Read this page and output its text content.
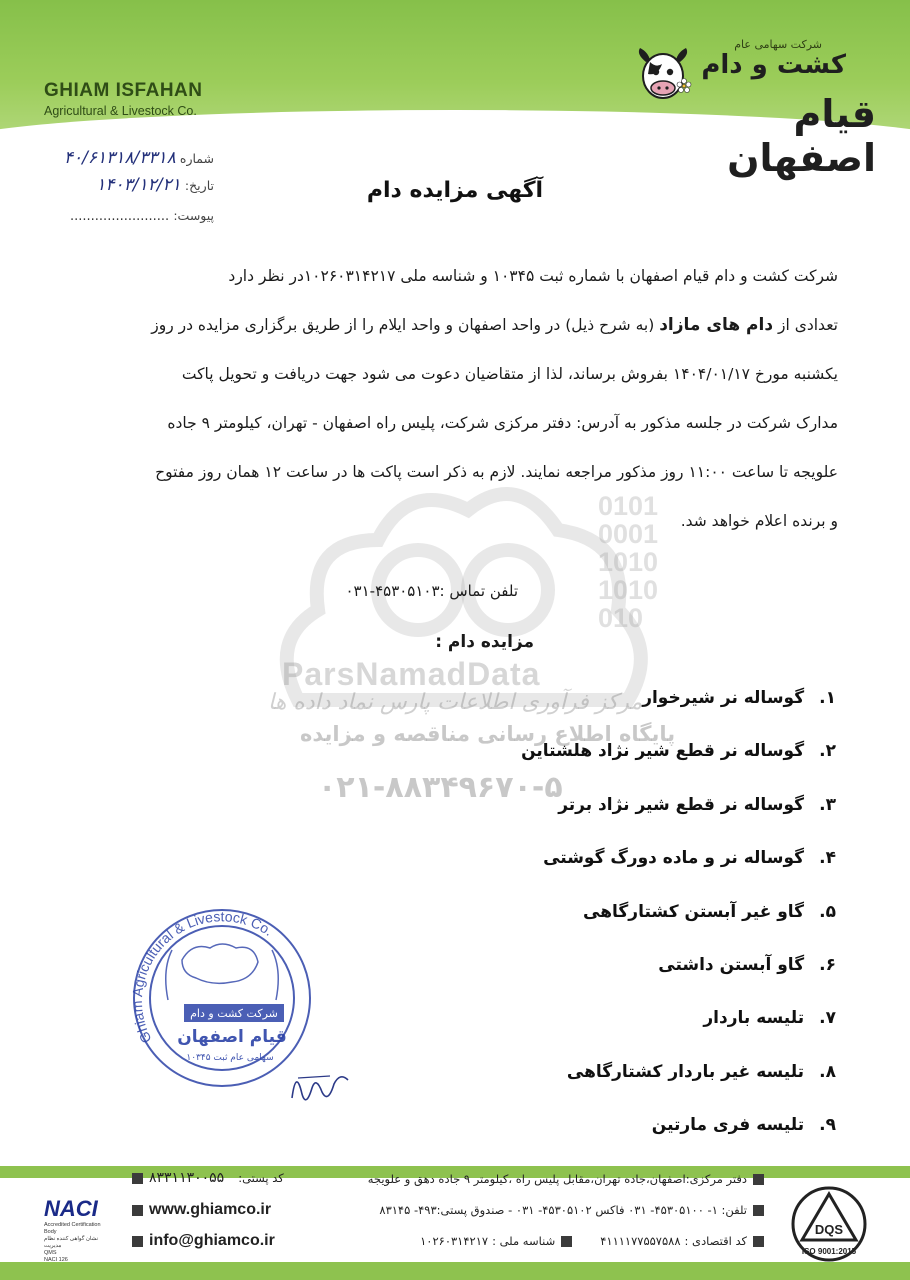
GHIAM ISFAHAN
Agricultural & Livestock Co.
شرکت سهامی عام
کشت و دام
قیام اصفهان
شماره ۴۰/۶۱۳۱۸/۳۳۱۸
تاریخ: ۱۴۰۳/۱۲/۲۱
پیوست: ........................
آگهی مزایده دام
0101
0001
1010
1010
010
ParsNamadData
مرکز فرآوری اطلاعات پارس نماد داده ها
پایگاه اطلاع رسانی مناقصه و مزایده
۰۲۱-۸۸۳۴۹۶۷۰-۵

شرکت کشت و دام قیام اصفهان با شماره ثبت ۱۰۳۴۵ و شناسه ملی ۱۰۲۶۰۳۱۴۲۱۷در نظر دارد

تعدادی از دام های مازاد (به شرح ذیل) در واحد اصفهان و واحد ایلام را از طریق برگزاری مزایده در روز

یکشنبه مورخ ۱۴۰۴/۰۱/۱۷ بفروش برساند، لذا از متقاضیان دعوت می شود جهت دریافت و تحویل پاکت

مدارک شرکت در جلسه مذکور به آدرس: دفتر مرکزی شرکت، پلیس راه اصفهان - تهران، کیلومتر ۹ جاده

علویجه تا ساعت ۱۱:۰۰ روز مذکور مراجعه نمایند. لازم به ذکر است پاکت ها در ساعت ۱۲ همان روز مفتوح

و برنده اعلام خواهد شد.

تلفن تماس :۴۵۳۰۵۱۰۳-۰۳۱
مزایده دام :
۱. گوساله نر شیرخوار
۲. گوساله نر قطع شیر نژاد هلشتاین
۳. گوساله نر قطع شیر نژاد برتر
۴. گوساله نر و ماده دورگ گوشتی
۵. گاو غیر آبستن کشتارگاهی
۶. گاو آبستن داشتی
۷. تلیسه باردار
۸. تلیسه غیر باردار کشتارگاهی
۹. تلیسه فری مارتین
Ghiam Agricultural & Livestock Co.
شرکت کشت و دام
قیام اصفهان
سهامی عام ثبت ۱۰۳۴۵
۸۳۳۱۱۳۰۰۵۵ کد پستی:
www.ghiamco.ir
info@ghiamco.ir
دفتر مرکزی:اصفهان،جاده تهران،مقابل پلیس راه ،کیلومتر ۹ جاده دهق و علویجه
تلفن: ۱- ۴۵۳۰۵۱۰۰- ۰۳۱ فاکس ۴۵۳۰۵۱۰۲- ۰۳۱ - صندوق پستی:۴۹۳- ۸۳۱۴۵
کد اقتصادی :
۴۱۱۱۱۷۷۵۵۷۵۸۸
شناسه ملی :
۱۰۲۶۰۳۱۴۲۱۷
NACI
Accredited Certification Body
نشان گواهی کننده نظام مدیریت
QMS
NACI 126
DQS
ISO 9001:2015
